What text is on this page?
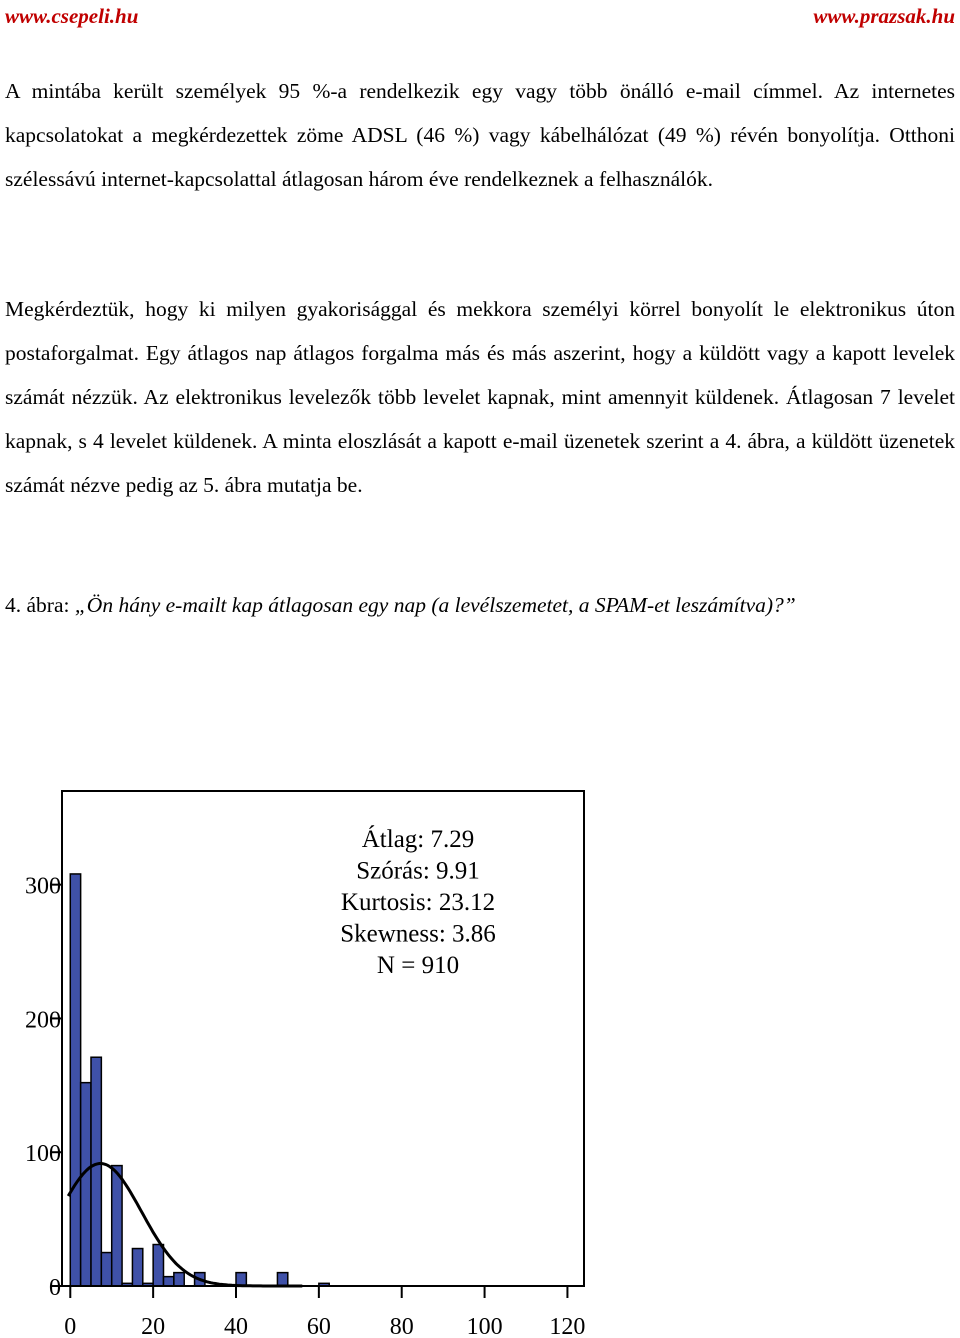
www.csepeli.hu	www.prazsak.hu

A mintába került személyek 95 %-a rendelkezik egy vagy több önálló e-mail címmel. Az internetes kapcsolatokat a megkérdezettek zöme ADSL (46 %) vagy kábelhálózat (49 %) révén bonyolítja. Otthoni szélessávú internet-kapcsolattal átlagosan három éve rendelkeznek a felhasználók.

Megkérdeztük, hogy ki milyen gyakorisággal és mekkora személyi körrel bonyolít le elektronikus úton postaforgalmat. Egy átlagos nap átlagos forgalma más és más aszerint, hogy a küldött vagy a kapott levelek számát nézzük. Az elektronikus levelezők több levelet kapnak, mint amennyit küldenek. Átlagosan 7 levelet kapnak, s 4 levelet küldenek. A minta eloszlását a kapott e-mail üzenetek szerint a 4. ábra, a küldött üzenetek számát nézve pedig az 5. ábra mutatja be.

4. ábra: „Ön hány e-mailt kap átlagosan egy nap (a levélszemetet, a SPAM-et leszámítva)?”
0
100
200
300
0	20 40 60 80 100 120
Átlag: 7.29
Szórás: 9.91
Kurtosis: 23.12
Skewness: 3.86
N = 910
